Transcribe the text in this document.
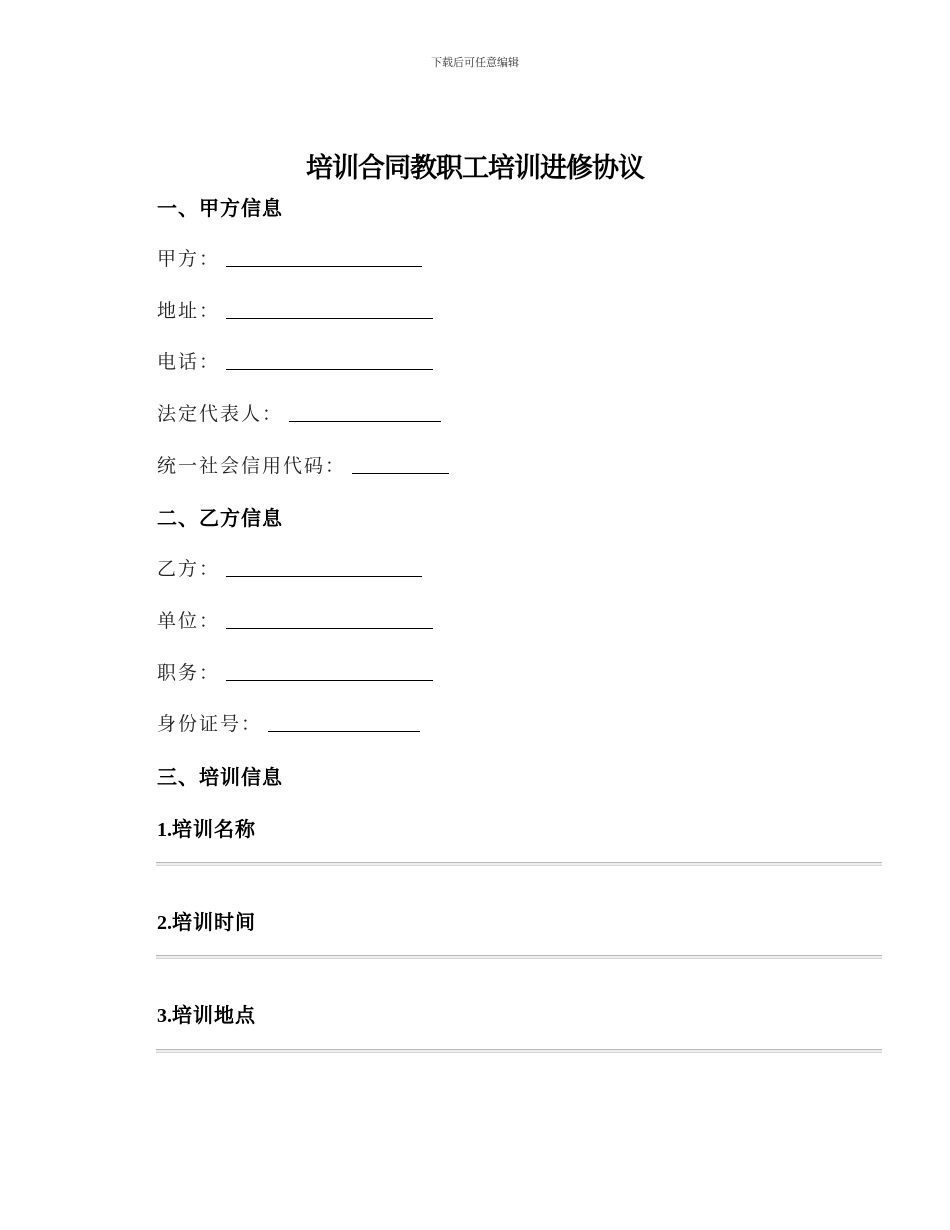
下载后可任意编辑
培训合同教职工培训进修协议
一、甲方信息
甲方：
地址：
电话：
法定代表人：
统一社会信用代码：
二、乙方信息
乙方：
单位：
职务：
身份证号：
三、培训信息
1.培训名称
2.培训时间
3.培训地点
